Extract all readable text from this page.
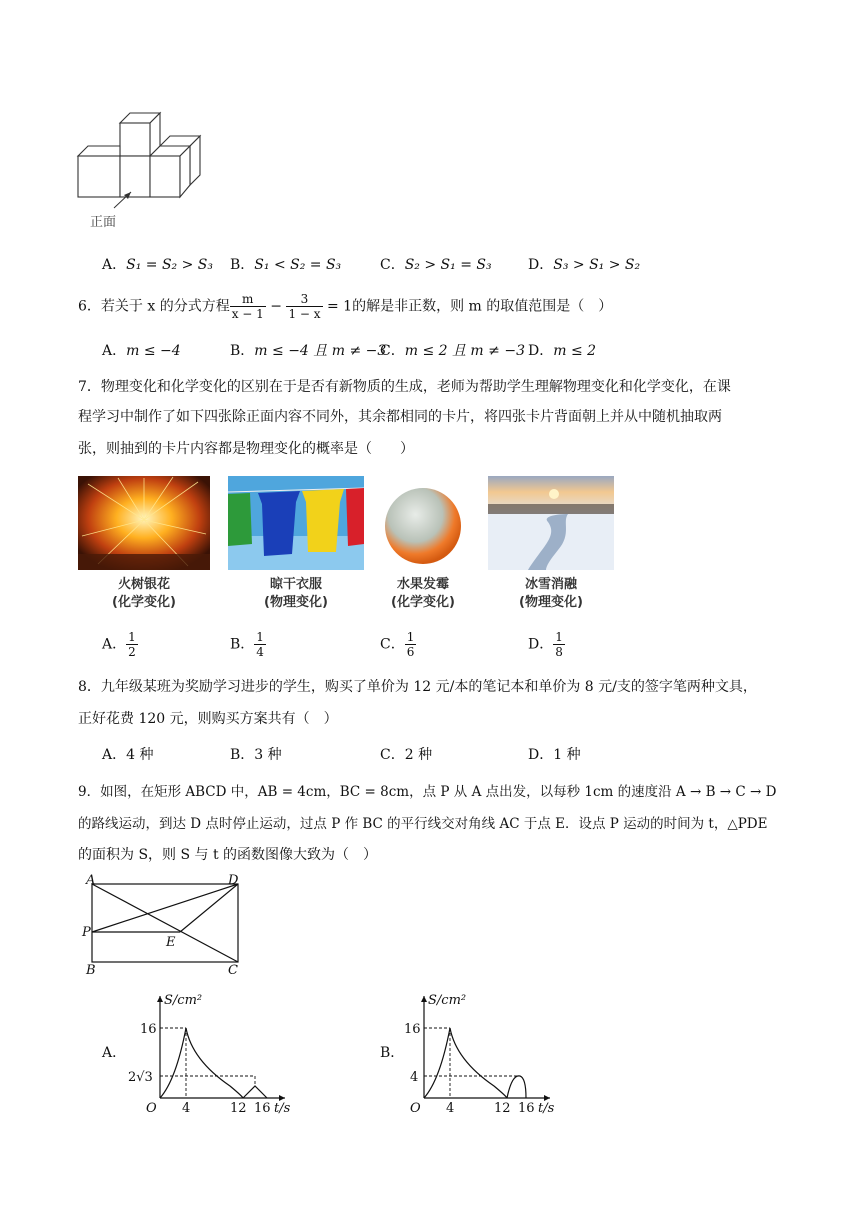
正面
A．S₁ = S₂ > S₃ B．S₁ < S₂ = S₃	C．S₂ > S₁ = S₃	D．S₃ > S₁ > S₂
6．若关于 x 的分式方程 $\frac{m}{x - 1} - \frac{3}{1 - x} = 1$的解是非正数，则 m 的取值范围是（　）
A．m ≤ −4	B．m ≤ −4 且 m ≠ −3
C．m ≤ 2 且 m ≠ −3 D．m ≤ 2
7．物理变化和化学变化的区别在于是否有新物质的生成，老师为帮助学生理解物理变化和化学变化，在课
程学习中制作了如下四张除正面内容不同外，其余都相同的卡片，将四张卡片背面朝上并从中随机抽取两
张，则抽到的卡片内容都是物理变化的概率是（　　）
火树银花
(化学变化)
晾干衣服
(物理变化)
水果发霉
(化学变化)
冰雪消融
(物理变化)
A． $\frac{1}{2}$	B． $\frac{1}{4}$	C． $\frac{1}{6}$	D． $\frac{1}{8}$
8．九年级某班为奖励学习进步的学生，购买了单价为 12 元/本的笔记本和单价为 8 元/支的签字笔两种文具，
正好花费 120 元，则购买方案共有（　）
A．4 种	B．3 种	C．2 种	D．1 种
9．如图，在矩形 ABCD 中，AB = 4cm，BC = 8cm，点 P 从 A 点出发，以每秒 1cm 的速度沿 A → B → C → D
的路线运动，到达 D 点时停止运动，过点 P 作 BC 的平行线交对角线 AC 于点 E．设点 P 运动的时间为 t，△PDE
的面积为 S，则 S 与 t 的函数图像大致为（　）
A	D
P
E
B	C
A．
S/cm²
16
2√3
O 4	12 16 t/s
B．
S/cm²
16
4
O 4	12 16 t/s
